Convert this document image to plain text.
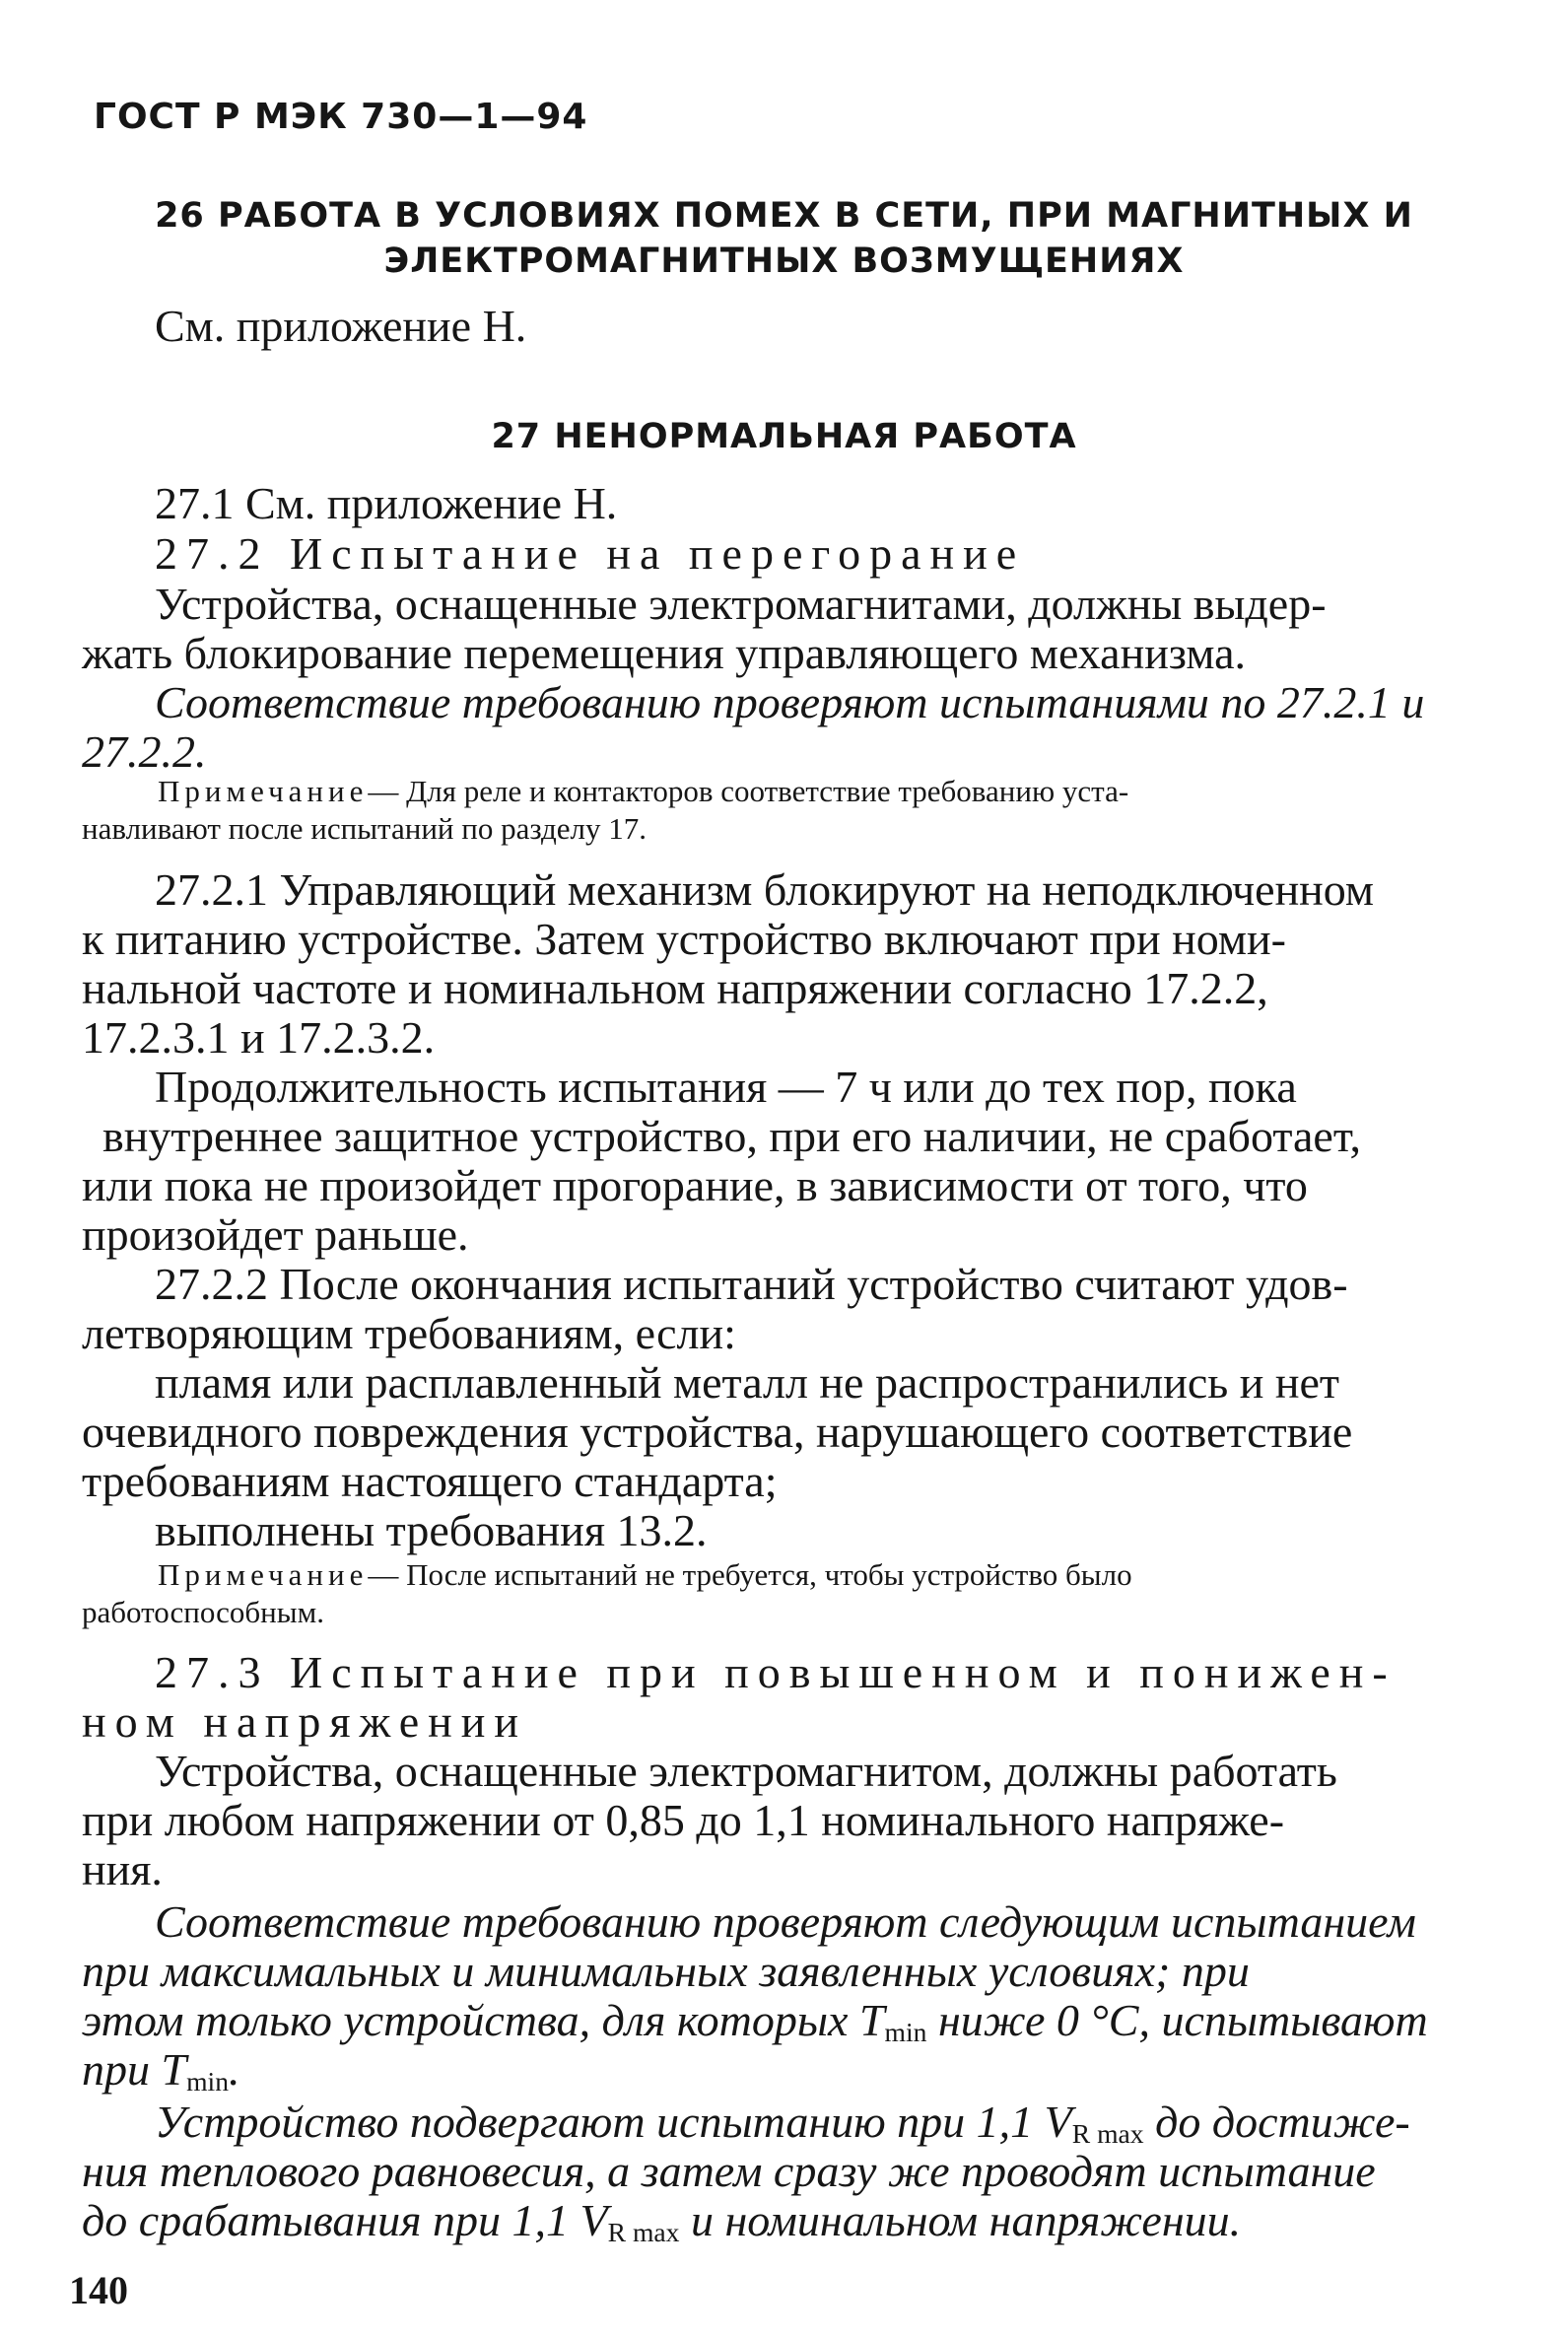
ГОСТ Р МЭК 730—1—94
26 РАБОТА В УСЛОВИЯХ ПОМЕХ В СЕТИ, ПРИ МАГНИТНЫХ И
ЭЛЕКТРОМАГНИТНЫХ ВОЗМУЩЕНИЯХ
См. приложение Н.
27 НЕНОРМАЛЬНАЯ РАБОТА
27.1 См. приложение Н.
27.2 Испытание на перегорание
Устройства, оснащенные электромагнитами, должны выдер-
жать блокирование перемещения управляющего механизма.
Соответствие требованию проверяют испытаниями по 27.2.1 и
27.2.2.
Примечание— Для реле и контакторов соответствие требованию уста-
навливают после испытаний по разделу 17.
27.2.1 Управляющий механизм блокируют на неподключенном
к питанию устройстве. Затем устройство включают при номи-
нальной частоте и номинальном напряжении согласно 17.2.2,
17.2.3.1 и 17.2.3.2.
Продолжительность испытания — 7 ч или до тех пор, пока
внутреннее защитное устройство, при его наличии, не сработает,
или пока не произойдет прогорание, в зависимости от того, что
произойдет раньше.
27.2.2 После окончания испытаний устройство считают удов-
летворяющим требованиям, если:
пламя или расплавленный металл не распространились и нет
очевидного повреждения устройства, нарушающего соответствие
требованиям настоящего стандарта;
выполнены требования 13.2.
Примечание— После испытаний не требуется, чтобы устройство было
работоспособным.
27.3 Испытание при повышенном и понижен-
ном напряжении
Устройства, оснащенные электромагнитом, должны работать
при любом напряжении от 0,85 до 1,1 номинального напряже-
ния.
Соответствие требованию проверяют следующим испытанием
при максимальных и минимальных заявленных условиях; при
этом только устройства, для которых $T_{min}$ ниже 0 °C, испытывают
при $T_{min}$.
Устройство подвергают испытанию при 1,1 $V_{R max}$ до достиже-
ния теплового равновесия, а затем сразу же проводят испытание
до срабатывания при 1,1 $V_{R max}$ и номинальном напряжении.
140
